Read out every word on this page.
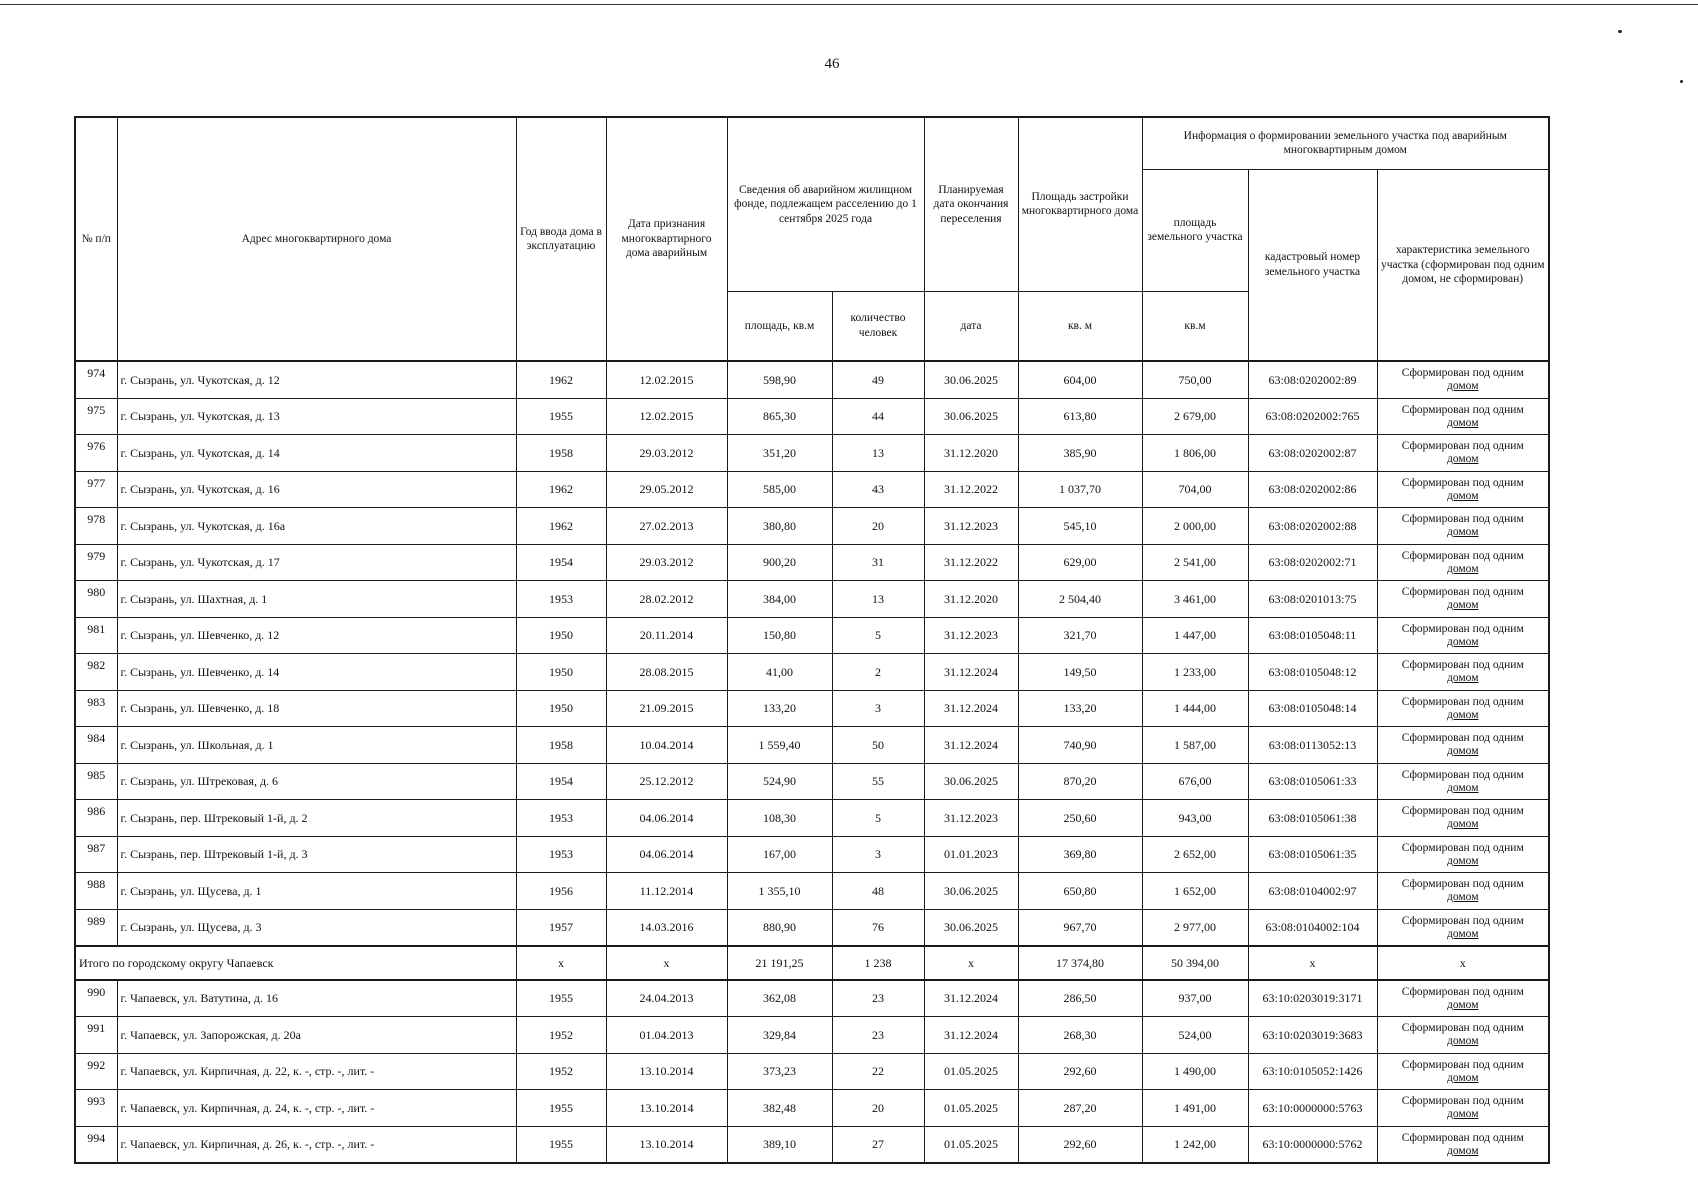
46
№ п/п	Адрес многоквартирного дома	Год ввода дома в эксплуатацию	Дата признания многоквартирного дома аварийным	Сведения об аварийном жилищном фонде, подлежащем расселению до 1 сентября 2025 года		Планируемая дата окончания переселения	Площадь застройки многоквартирного дома	Информация о формировании земельного участка под аварийным многоквартирным домом		
								площадь земельного участка	кадастровый номер земельного участка	характеристика земельного участка (сформирован под одним домом, не сформирован)
				площадь, кв.м	количество человек	дата	кв. м	кв.м		
974	г. Сызрань, ул. Чукотская, д. 12	1962	12.02.2015	598,90	49	30.06.2025	604,00	750,00	63:08:0202002:89	Сформирован под одним

домом

975	г. Сызрань, ул. Чукотская, д. 13	1955	12.02.2015	865,30	44	30.06.2025	613,80	2 679,00	63:08:0202002:765	Сформирован под одним

домом

976	г. Сызрань, ул. Чукотская, д. 14	1958	29.03.2012	351,20	13	31.12.2020	385,90	1 806,00	63:08:0202002:87	Сформирован под одним

домом

977	г. Сызрань, ул. Чукотская, д. 16	1962	29.05.2012	585,00	43	31.12.2022	1 037,70	704,00	63:08:0202002:86	Сформирован под одним

домом

978	г. Сызрань, ул. Чукотская, д. 16а	1962	27.02.2013	380,80	20	31.12.2023	545,10	2 000,00	63:08:0202002:88	Сформирован под одним

домом

979	г. Сызрань, ул. Чукотская, д. 17	1954	29.03.2012	900,20	31	31.12.2022	629,00	2 541,00	63:08:0202002:71	Сформирован под одним

домом

980	г. Сызрань, ул. Шахтная, д. 1	1953	28.02.2012	384,00	13	31.12.2020	2 504,40	3 461,00	63:08:0201013:75	Сформирован под одним

домом

981	г. Сызрань, ул. Шевченко, д. 12	1950	20.11.2014	150,80	5	31.12.2023	321,70	1 447,00	63:08:0105048:11	Сформирован под одним

домом

982	г. Сызрань, ул. Шевченко, д. 14	1950	28.08.2015	41,00	2	31.12.2024	149,50	1 233,00	63:08:0105048:12	Сформирован под одним

домом

983	г. Сызрань, ул. Шевченко, д. 18	1950	21.09.2015	133,20	3	31.12.2024	133,20	1 444,00	63:08:0105048:14	Сформирован под одним

домом

984	г. Сызрань, ул. Школьная, д. 1	1958	10.04.2014	1 559,40	50	31.12.2024	740,90	1 587,00	63:08:0113052:13	Сформирован под одним

домом

985	г. Сызрань, ул. Штрековая, д. 6	1954	25.12.2012	524,90	55	30.06.2025	870,20	676,00	63:08:0105061:33	Сформирован под одним

домом

986	г. Сызрань, пер. Штрековый 1-й, д. 2	1953	04.06.2014	108,30	5	31.12.2023	250,60	943,00	63:08:0105061:38	Сформирован под одним

домом

987	г. Сызрань, пер. Штрековый 1-й, д. 3	1953	04.06.2014	167,00	3	01.01.2023	369,80	2 652,00	63:08:0105061:35	Сформирован под одним

домом

988	г. Сызрань, ул. Щусева, д. 1	1956	11.12.2014	1 355,10	48	30.06.2025	650,80	1 652,00	63:08:0104002:97	Сформирован под одним

домом

989	г. Сызрань, ул. Щусева, д. 3	1957	14.03.2016	880,90	76	30.06.2025	967,70	2 977,00	63:08:0104002:104	Сформирован под одним

домом

Итого по городскому округу Чапаевск		х	х	21 191,25	1 238	х	17 374,80	50 394,00	х	х
990	г. Чапаевск, ул. Ватутина, д. 16	1955	24.04.2013	362,08	23	31.12.2024	286,50	937,00	63:10:0203019:3171	Сформирован под одним

домом

991	г. Чапаевск, ул. Запорожская, д. 20а	1952	01.04.2013	329,84	23	31.12.2024	268,30	524,00	63:10:0203019:3683	Сформирован под одним

домом

992	г. Чапаевск, ул. Кирпичная, д. 22, к. -, стр. -, лит. -	1952	13.10.2014	373,23	22	01.05.2025	292,60	1 490,00	63:10:0105052:1426	Сформирован под одним

домом

993	г. Чапаевск, ул. Кирпичная, д. 24, к. -, стр. -, лит. -	1955	13.10.2014	382,48	20	01.05.2025	287,20	1 491,00	63:10:0000000:5763	Сформирован под одним

домом

994	г. Чапаевск, ул. Кирпичная, д. 26, к. -, стр. -, лит. -	1955	13.10.2014	389,10	27	01.05.2025	292,60	1 242,00	63:10:0000000:5762	Сформирован под одним

домом
